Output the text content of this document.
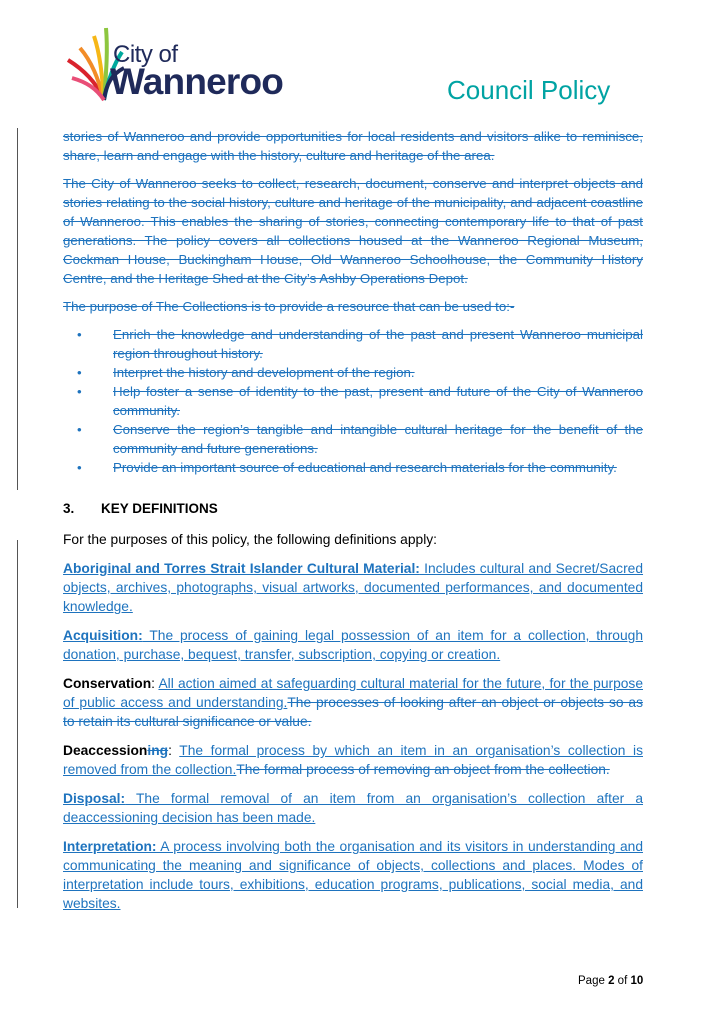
City of
Wanneroo	Council Policy

stories of Wanneroo and provide opportunities for local residents and visitors alike to reminisce, share, learn and engage with the history, culture and heritage of the area.

The City of Wanneroo seeks to collect, research, document, conserve and interpret objects and stories relating to the social history, culture and heritage of the municipality, and adjacent coastline of Wanneroo. This enables the sharing of stories, connecting contemporary life to that of past generations. The policy covers all collections housed at the Wanneroo Regional Museum, Cockman House, Buckingham House, Old Wanneroo Schoolhouse, the Community History Centre, and the Heritage Shed at the City’s Ashby Operations Depot.

The purpose of The Collections is to provide a resource that can be used to:-

• Enrich the knowledge and understanding of the past and present Wanneroo municipal region throughout history.
• Interpret the history and development of the region.
• Help foster a sense of identity to the past, present and future of the City of Wanneroo community.
• Conserve the region’s tangible and intangible cultural heritage for the benefit of the community and future generations.
• Provide an important source of educational and research materials for the community.
3. KEY DEFINITIONS

For the purposes of this policy, the following definitions apply:

Aboriginal and Torres Strait Islander Cultural Material: Includes cultural and Secret/Sacred objects, archives, photographs, visual artworks, documented performances, and documented knowledge.

Acquisition: The process of gaining legal possession of an item for a collection, through donation, purchase, bequest, transfer, subscription, copying or creation.

Conservation: All action aimed at safeguarding cultural material for the future, for the purpose of public access and understanding.The processes of looking after an object or objects so as to retain its cultural significance or value.

Deaccessioning: The formal process by which an item in an organisation’s collection is removed from the collection.The formal process of removing an object from the collection.

Disposal: The formal removal of an item from an organisation’s collection after a deaccessioning decision has been made.

Interpretation: A process involving both the organisation and its visitors in understanding and communicating the meaning and significance of objects, collections and places. Modes of interpretation include tours, exhibitions, education programs, publications, social media, and websites.

Page 2 of 10
